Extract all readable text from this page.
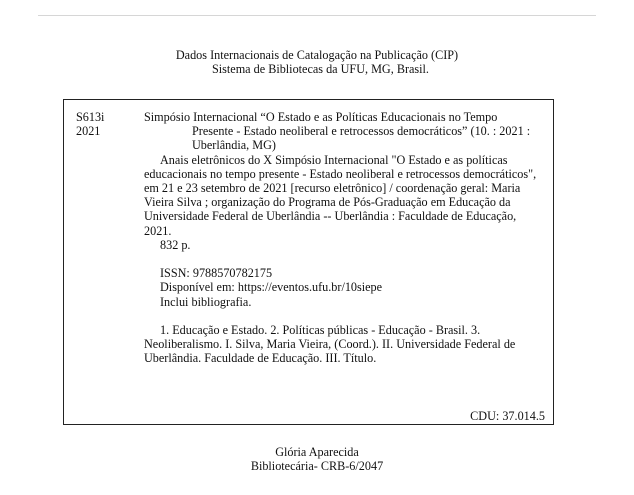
Dados Internacionais de Catalogação na Publicação (CIP)
Sistema de Bibliotecas da UFU, MG, Brasil.
S613i
2021
Simpósio Internacional “O Estado e as Políticas Educacionais no Tempo
Presente - Estado neoliberal e retrocessos democráticos” (10. : 2021 : Uberlândia, MG)
Anais eletrônicos do X Simpósio Internacional "O Estado e as políticas educacionais no tempo presente - Estado neoliberal e retrocessos democráticos", em 21 e 23 setembro de 2021 [recurso eletrônico] / coordenação geral: Maria Vieira Silva ; organização do Programa de Pós-Graduação em Educação da Universidade Federal de Uberlândia -- Uberlândia : Faculdade de Educação, 2021.
832 p.
ISSN: 9788570782175
Disponível em: https://eventos.ufu.br/10siepe
Inclui bibliografia.
1. Educação e Estado. 2. Políticas públicas - Educação - Brasil. 3. Neoliberalismo. I. Silva, Maria Vieira, (Coord.). II. Universidade Federal de Uberlândia. Faculdade de Educação. III. Título.
CDU: 37.014.5
Glória Aparecida
Bibliotecária- CRB-6/2047
